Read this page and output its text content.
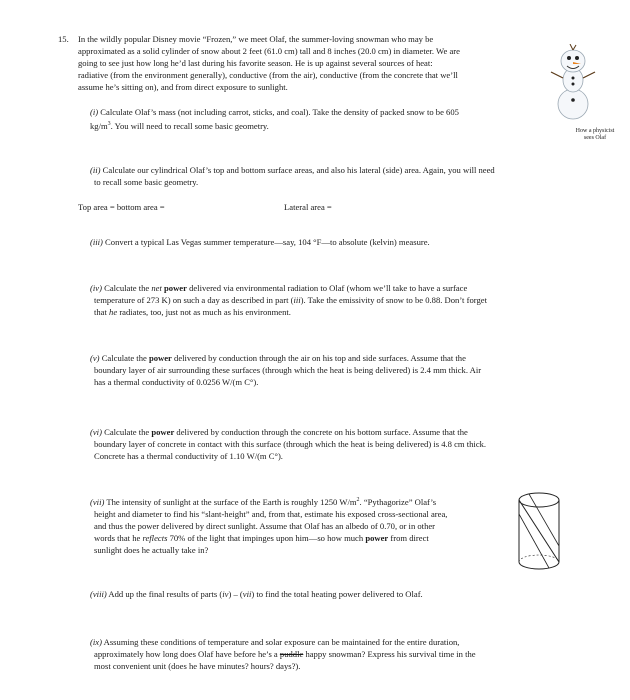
15. In the wildly popular Disney movie “Frozen,” we meet Olaf, the summer-loving snowman who may be
approximated as a solid cylinder of snow about 2 feet (61.0 cm) tall and 8 inches (20.0 cm) in diameter. We are
going to see just how long he’d last during his favorite season. He is up against several sources of heat:
radiative (from the environment generally), conductive (from the air), conductive (from the concrete that we’ll
assume he’s sitting on), and from direct exposure to sunlight.
How a physicist
sees Olaf
(i) Calculate Olaf’s mass (not including carrot, sticks, and coal). Take the density of packed snow to be 605
$kg/m^3$. You will need to recall some basic geometry.
(ii) Calculate our cylindrical Olaf’s top and bottom surface areas, and also his lateral (side) area. Again, you will need
to recall some basic geometry.
Top area = bottom area =	Lateral area =
(iii) Convert a typical Las Vegas summer temperature—say, 104 °F—to absolute (kelvin) measure.
(iv) Calculate the net power delivered via environmental radiation to Olaf (whom we’ll take to have a surface
temperature of 273 K) on such a day as described in part (iii). Take the emissivity of snow to be 0.88. Don’t forget
that he radiates, too, just not as much as his environment.
(v) Calculate the power delivered by conduction through the air on his top and side surfaces. Assume that the
boundary layer of air surrounding these surfaces (through which the heat is being delivered) is 2.4 mm thick. Air
has a thermal conductivity of 0.0256 W/(m C°).
(vi) Calculate the power delivered by conduction through the concrete on his bottom surface. Assume that the
boundary layer of concrete in contact with this surface (through which the heat is being delivered) is 4.8 cm thick.
Concrete has a thermal conductivity of 1.10 W/(m C°).
(vii) The intensity of sunlight at the surface of the Earth is roughly 1250 $W/m^2$. “Pythagorize” Olaf’s
height and diameter to find his “slant-height” and, from that, estimate his exposed cross-sectional area,
and thus the power delivered by direct sunlight. Assume that Olaf has an albedo of 0.70, or in other
words that he reflects 70% of the light that impinges upon him—so how much power from direct
sunlight does he actually take in?
(viii) Add up the final results of parts (iv) – (vii) to find the total heating power delivered to Olaf.
(ix) Assuming these conditions of temperature and solar exposure can be maintained for the entire duration,
approximately how long does Olaf have before he’s a puddle happy snowman? Express his survival time in the
most convenient unit (does he have minutes? hours? days?).
